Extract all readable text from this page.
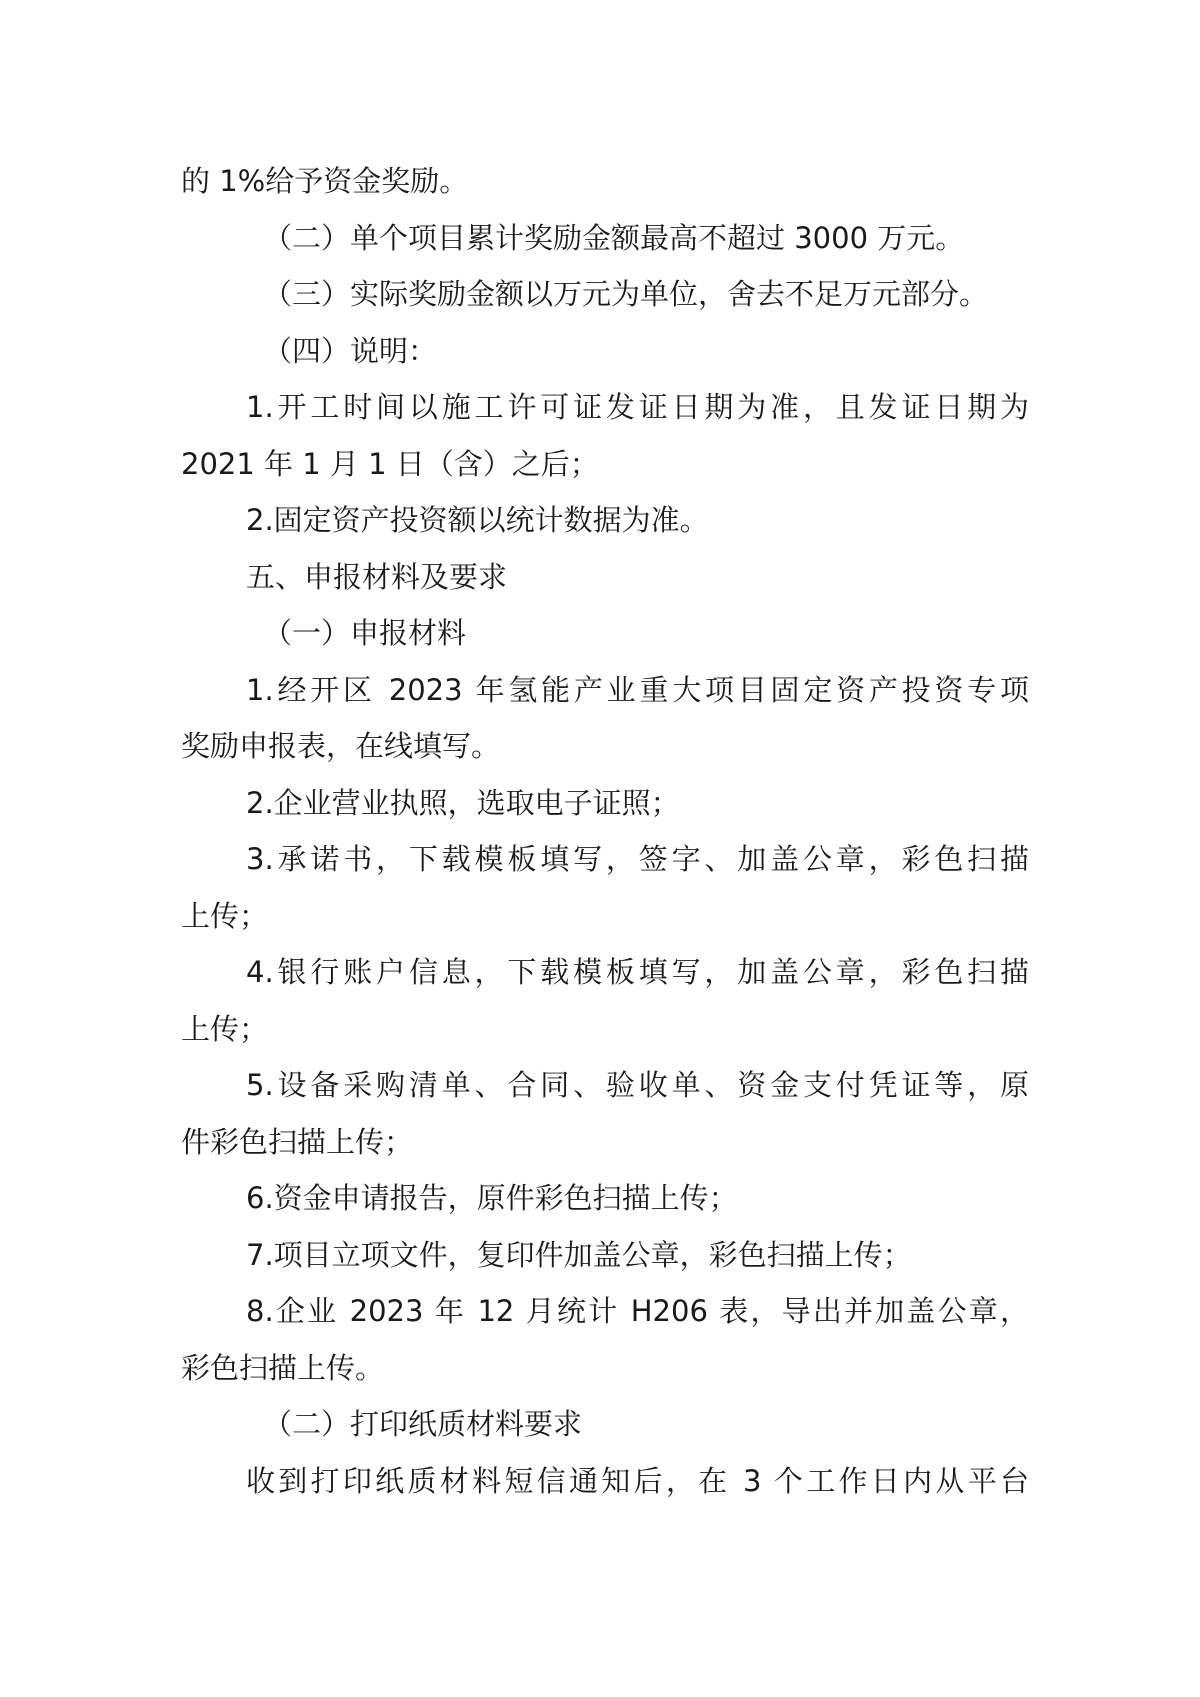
的 1%给予资金奖励。
（二）单个项目累计奖励金额最高不超过 3000 万元。
（三）实际奖励金额以万元为单位，舍去不足万元部分。
（四）说明：
1.开工时间以施工许可证发证日期为准，且发证日期为
2021 年 1 月 1 日（含）之后；
2.固定资产投资额以统计数据为准。
五、申报材料及要求
（一）申报材料
1.经开区 2023 年氢能产业重大项目固定资产投资专项
奖励申报表，在线填写。
2.企业营业执照，选取电子证照；
3.承诺书，下载模板填写，签字、加盖公章，彩色扫描
上传；
4.银行账户信息，下载模板填写，加盖公章，彩色扫描
上传；
5.设备采购清单、合同、验收单、资金支付凭证等，原
件彩色扫描上传；
6.资金申请报告，原件彩色扫描上传；
7.项目立项文件，复印件加盖公章，彩色扫描上传；
8.企业 2023 年 12 月统计 H206 表，导出并加盖公章，
彩色扫描上传。
（二）打印纸质材料要求
收到打印纸质材料短信通知后，在 3 个工作日内从平台
